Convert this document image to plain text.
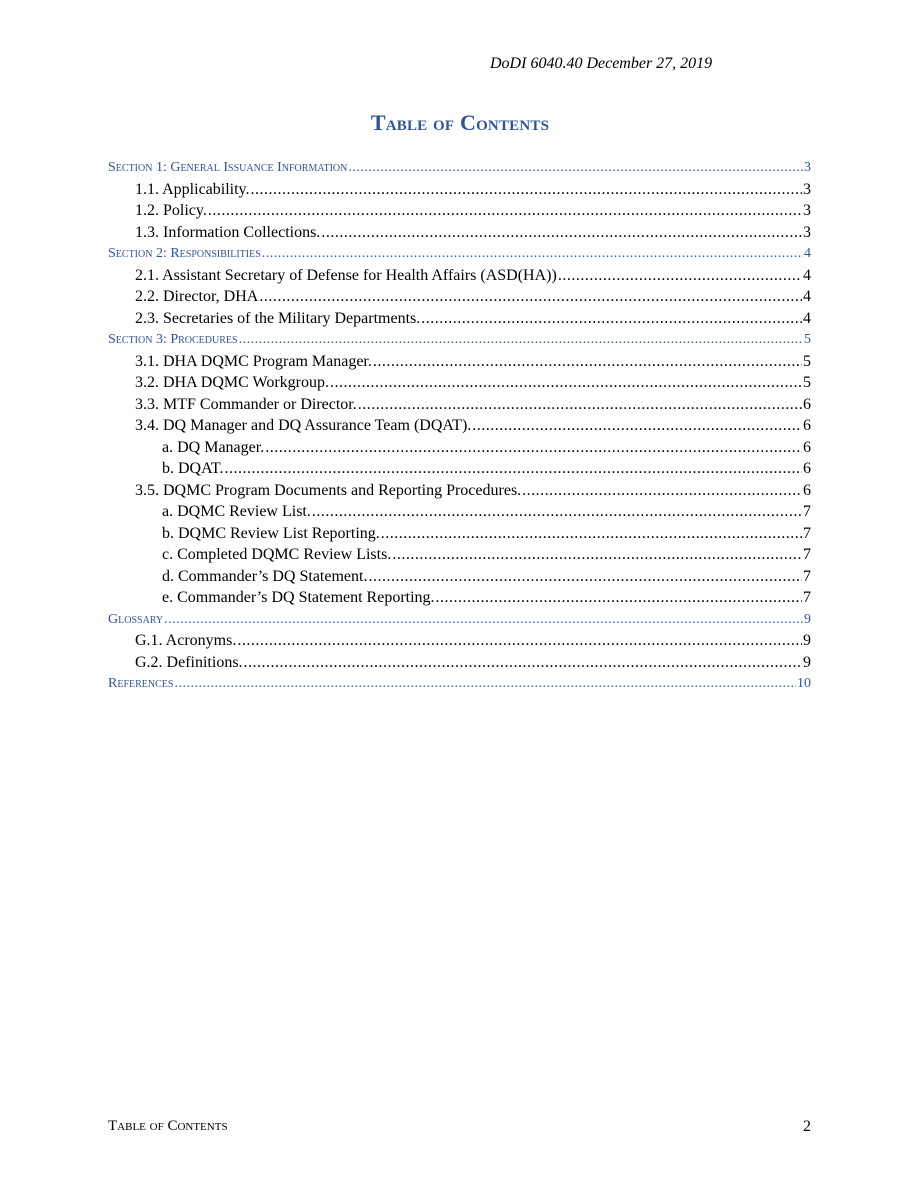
DoDI 6040.40 December 27, 2019
Table of Contents
Section 1: General Issuance Information .....	3
1.1. Applicability. .....	3
1.2. Policy. .....	3
1.3. Information Collections. .....	3
Section 2: Responsibilities .....	4
2.1. Assistant Secretary of Defense for Health Affairs (ASD(HA)) .....	4
2.2. Director, DHA .....	4
2.3. Secretaries of the Military Departments. .....	4
Section 3: Procedures .....	5
3.1. DHA DQMC Program Manager. .....	5
3.2. DHA DQMC Workgroup. .....	5
3.3. MTF Commander or Director. .....	6
3.4. DQ Manager and DQ Assurance Team (DQAT). .....	6
a. DQ Manager. .....	6
b. DQAT. .....	6
3.5. DQMC Program Documents and Reporting Procedures. .....	6
a. DQMC Review List. .....	7
b. DQMC Review List Reporting. .....	7
c. Completed DQMC Review Lists. .....	7
d. Commander’s DQ Statement. .....	7
e. Commander’s DQ Statement Reporting. .....	7
Glossary .....	9
G.1. Acronyms. .....	9
G.2. Definitions. .....	9
References .....	10
Table of Contents	2
